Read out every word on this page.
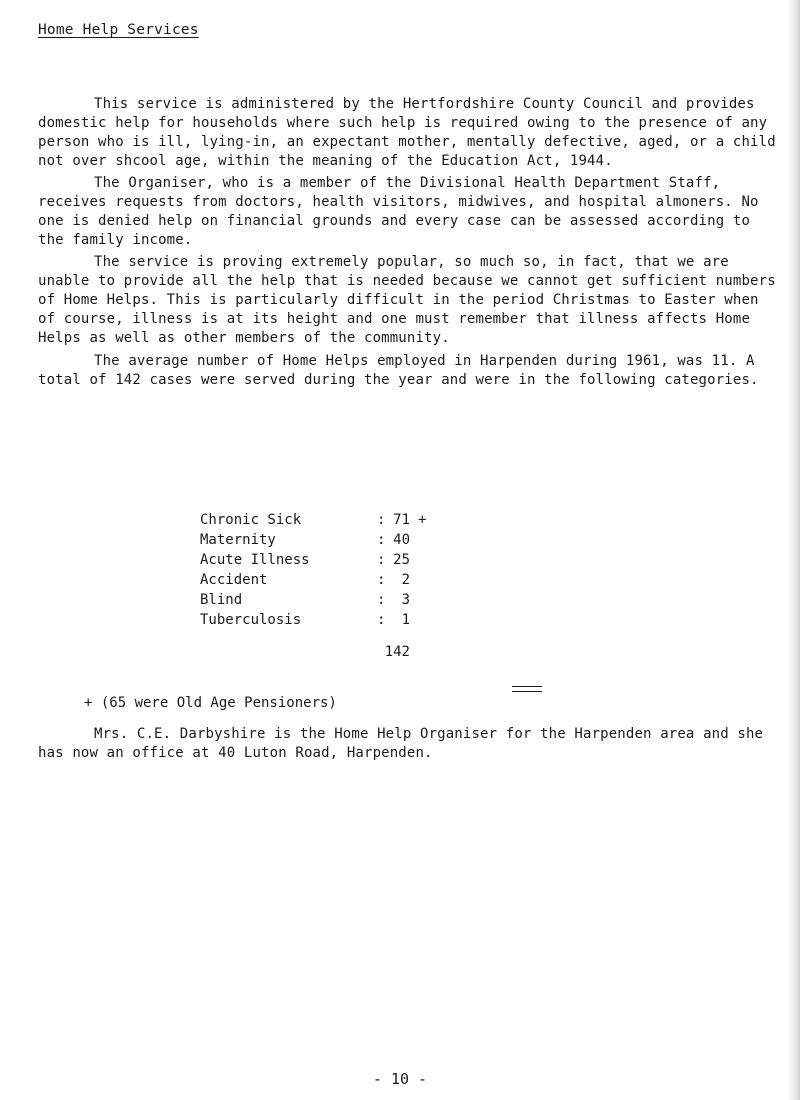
Home Help Services

This service is administered by the Hertfordshire County Council and provides domestic help for households where such help is required owing to the presence of any person who is ill, lying-in, an expectant mother, mentally defective, aged, or a child not over shcool age, within the meaning of the Education Act, 1944.

The Organiser, who is a member of the Divisional Health Department Staff, receives requests from doctors, health visitors, midwives, and hospital almoners. No one is denied help on financial grounds and every case can be assessed according to the family income.

The service is proving extremely popular, so much so, in fact, that we are unable to provide all the help that is needed because we cannot get sufficient numbers of Home Helps. This is particularly difficult in the period Christmas to Easter when of course, illness is at its height and one must remember that illness affects Home Helps as well as other members of the community.

The average number of Home Helps employed in Harpenden during 1961, was 11. A total of 142 cases were served during the year and were in the following categories.

Chronic Sick	: 71 +
Maternity	: 40
Acute Illness	: 25
Accident	:	2
Blind	:	3
Tuberculosis	:	1
142
+ (65 were Old Age Pensioners)

Mrs. C.E. Darbyshire is the Home Help Organiser for the Harpenden area and she has now an office at 40 Luton Road, Harpenden.

- 10 -
